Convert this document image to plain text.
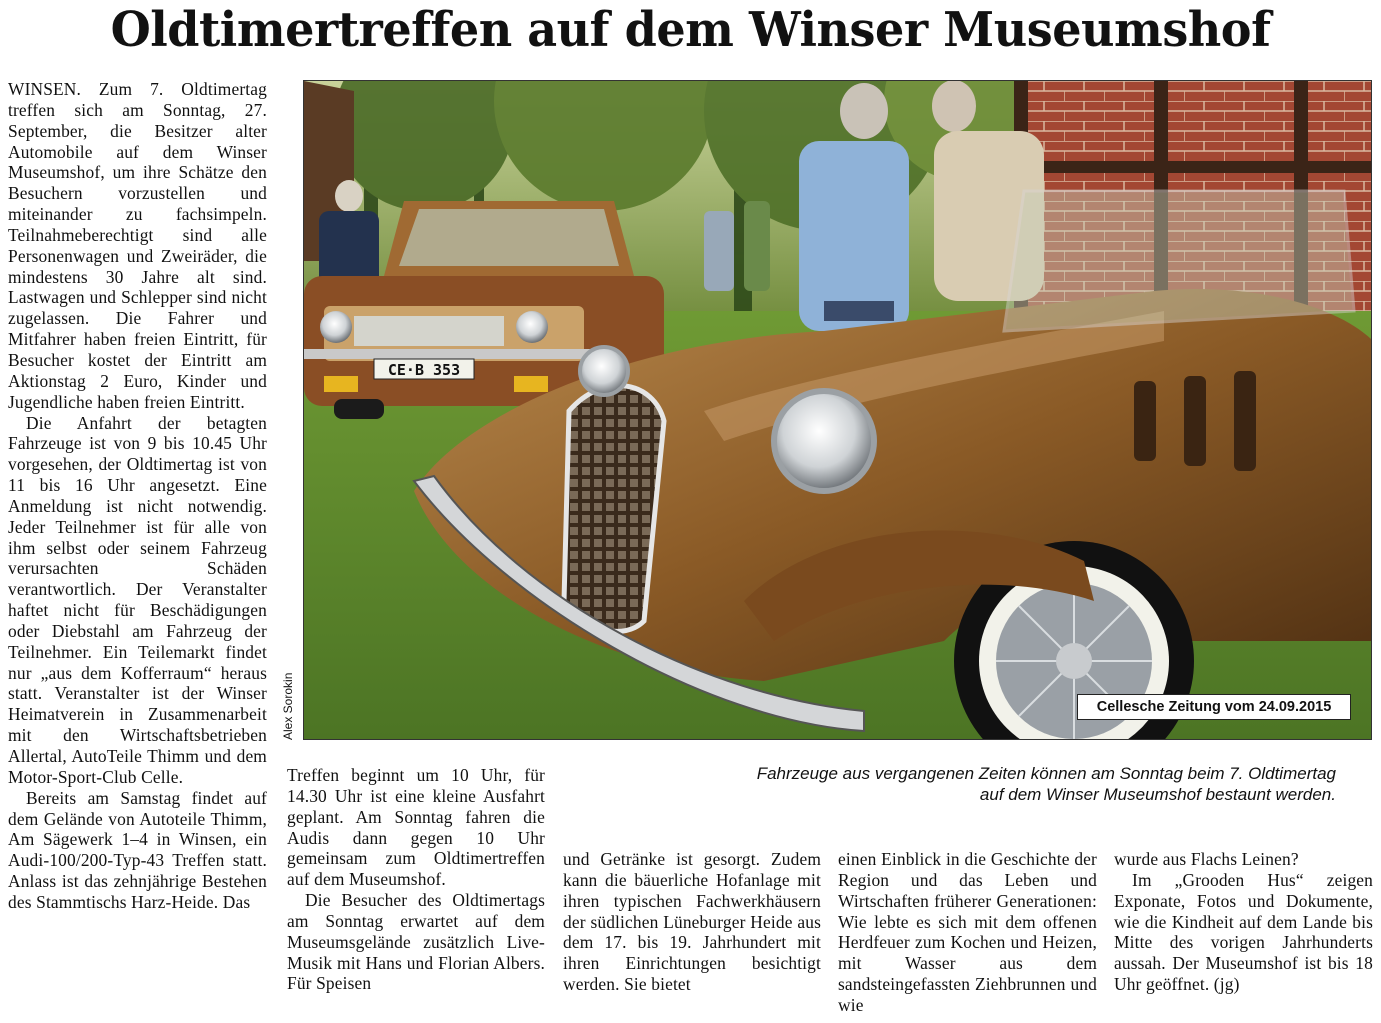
Oldtimertreffen auf dem Winser Museumshof

WINSEN. Zum 7. Oldtimertag treffen sich am Sonntag, 27. September, die Besitzer alter Automobile auf dem Winser Museumshof, um ihre Schätze den Besuchern vorzustellen und miteinander zu fachsimpeln. Teilnahmeberechtigt sind alle Personenwagen und Zweiräder, die mindestens 30 Jahre alt sind. Lastwagen und Schlepper sind nicht zugelassen. Die Fahrer und Mitfahrer haben freien Eintritt, für Besucher kostet der Eintritt am Aktionstag 2 Euro, Kinder und Jugendliche haben freien Eintritt.

Die Anfahrt der betagten Fahrzeuge ist von 9 bis 10.45 Uhr vorgesehen, der Oldtimertag ist von 11 bis 16 Uhr angesetzt. Eine Anmeldung ist nicht notwendig. Jeder Teilnehmer ist für alle von ihm selbst oder seinem Fahrzeug verursachten Schäden verantwortlich. Der Veranstalter haftet nicht für Beschädigungen oder Diebstahl am Fahrzeug der Teilnehmer. Ein Teilemarkt findet nur „aus dem Kofferraum“ heraus statt. Veranstalter ist der Winser Heimatverein in Zusammenarbeit mit den Wirtschaftsbetrieben Allertal, AutoTeile Thimm und dem Motor-Sport-Club Celle.

Bereits am Samstag findet auf dem Gelände von Autoteile Thimm, Am Sägewerk 1–4 in Winsen, ein Audi-100/200-Typ-43 Treffen statt. Anlass ist das zehnjährige Bestehen des Stammtischs Harz-Heide. Das

CE·B 353
Alex Sorokin	Cellesche Zeitung vom 24.09.2015
Fahrzeuge aus vergangenen Zeiten können am Sonntag beim 7. Oldtimertag
auf dem Winser Museumshof bestaunt werden.

Treffen beginnt um 10 Uhr, für 14.30 Uhr ist eine kleine Ausfahrt geplant. Am Sonntag fahren die Audis dann gegen 10 Uhr gemeinsam zum Oldtimertreffen auf dem Museumshof.

Die Besucher des Oldtimertags am Sonntag erwartet auf dem Museumsgelände zusätzlich Live-Musik mit Hans und Florian Albers. Für Speisen

und Getränke ist gesorgt. Zudem kann die bäuerliche Hofanlage mit ihren typischen Fachwerkhäusern der südlichen Lüneburger Heide aus dem 17. bis 19. Jahrhundert mit ihren Einrichtungen besichtigt werden. Sie bietet

einen Einblick in die Geschichte der Region und das Leben und Wirtschaften früherer Generationen: Wie lebte es sich mit dem offenen Herdfeuer zum Kochen und Heizen, mit Wasser aus dem sandsteingefassten Ziehbrunnen und wie

wurde aus Flachs Leinen?

Im „Grooden Hus“ zeigen Exponate, Fotos und Dokumente, wie die Kindheit auf dem Lande bis Mitte des vorigen Jahrhunderts aussah. Der Museumshof ist bis 18 Uhr geöffnet. (jg)
